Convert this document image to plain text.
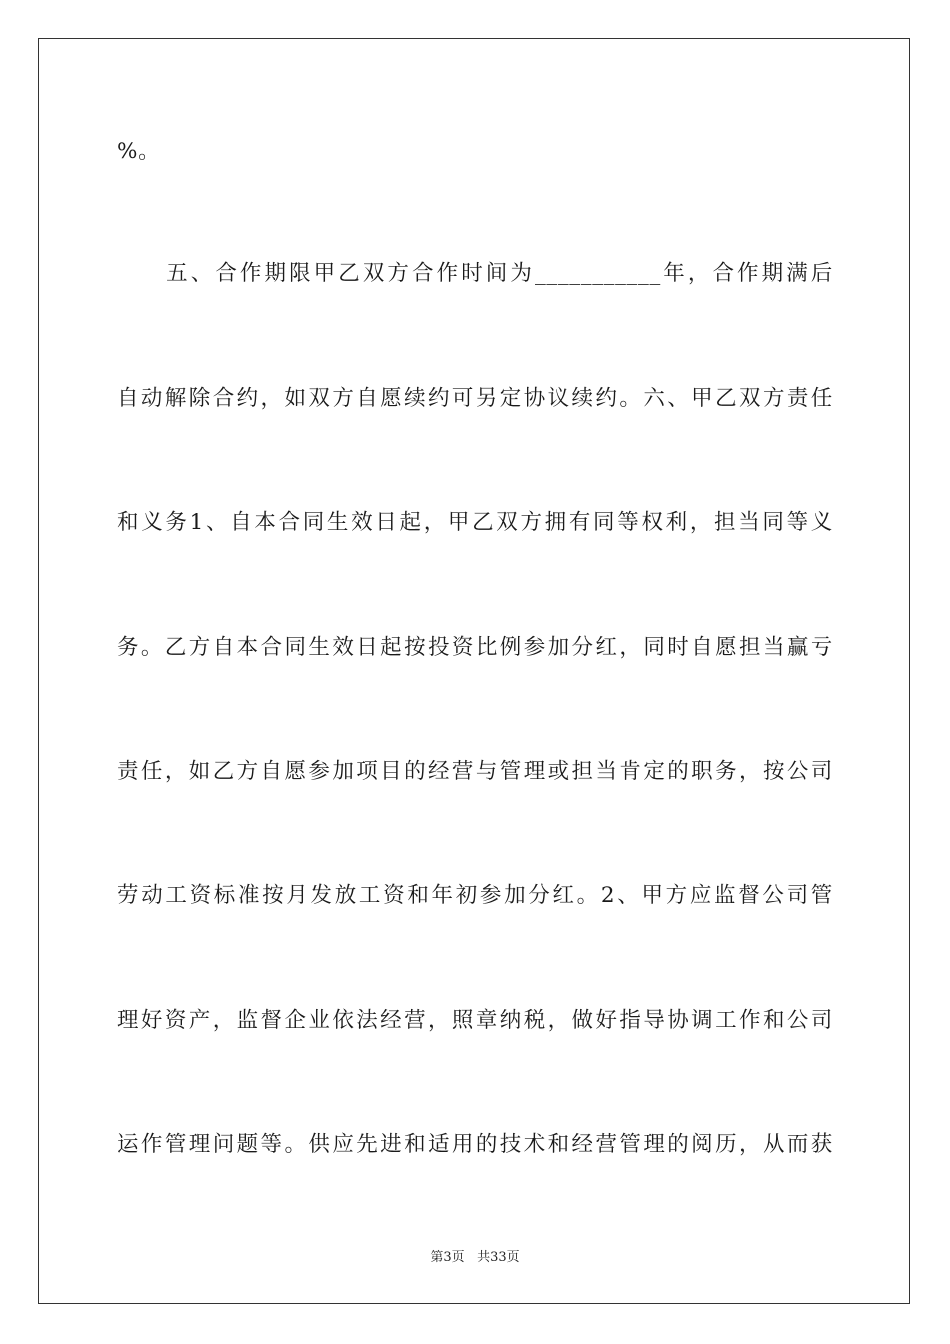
%。
　　五、合作期限甲乙双方合作时间为___________年，合作期满后
自动解除合约，如双方自愿续约可另定协议续约。六、甲乙双方责任
和义务1、自本合同生效日起，甲乙双方拥有同等权利，担当同等义
务。乙方自本合同生效日起按投资比例参加分红，同时自愿担当赢亏
责任，如乙方自愿参加项目的经营与管理或担当肯定的职务，按公司
劳动工资标准按月发放工资和年初参加分红。2、甲方应监督公司管
理好资产，监督企业依法经营，照章纳税，做好指导协调工作和公司
运作管理问题等。供应先进和适用的技术和经营管理的阅历，从而获
第3页 共33页
